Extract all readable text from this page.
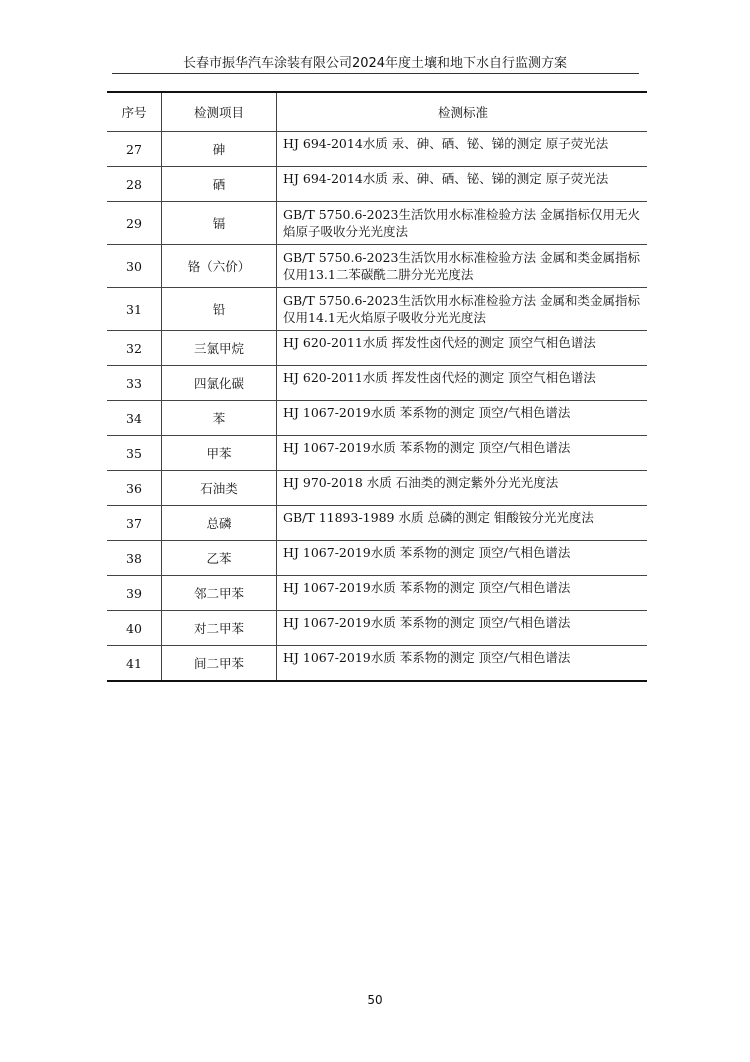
长春市振华汽车涂装有限公司2024年度土壤和地下水自行监测方案
序号	检测项目	检测标准
27	砷	HJ 694-2014水质 汞、砷、硒、铋、锑的测定 原子荧光法
28	硒	HJ 694-2014水质 汞、砷、硒、铋、锑的测定 原子荧光法
29	镉	GB/T 5750.6-2023生活饮用水标准检验方法 金属指标仅用无火焰原子吸收分光光度法
30	铬（六价）	GB/T 5750.6-2023生活饮用水标准检验方法 金属和类金属指标仅用13.1二苯碳酰二肼分光光度法
31	铅	GB/T 5750.6-2023生活饮用水标准检验方法 金属和类金属指标仅用14.1无火焰原子吸收分光光度法
32	三氯甲烷	HJ 620-2011水质 挥发性卤代烃的测定 顶空气相色谱法
33	四氯化碳	HJ 620-2011水质 挥发性卤代烃的测定 顶空气相色谱法
34	苯	HJ 1067-2019水质 苯系物的测定 顶空/气相色谱法
35	甲苯	HJ 1067-2019水质 苯系物的测定 顶空/气相色谱法
36	石油类	HJ 970-2018 水质 石油类的测定紫外分光光度法
37	总磷	GB/T 11893-1989 水质 总磷的测定 钼酸铵分光光度法
38	乙苯	HJ 1067-2019水质 苯系物的测定 顶空/气相色谱法
39	邻二甲苯	HJ 1067-2019水质 苯系物的测定 顶空/气相色谱法
40	对二甲苯	HJ 1067-2019水质 苯系物的测定 顶空/气相色谱法
41	间二甲苯	HJ 1067-2019水质 苯系物的测定 顶空/气相色谱法
50
